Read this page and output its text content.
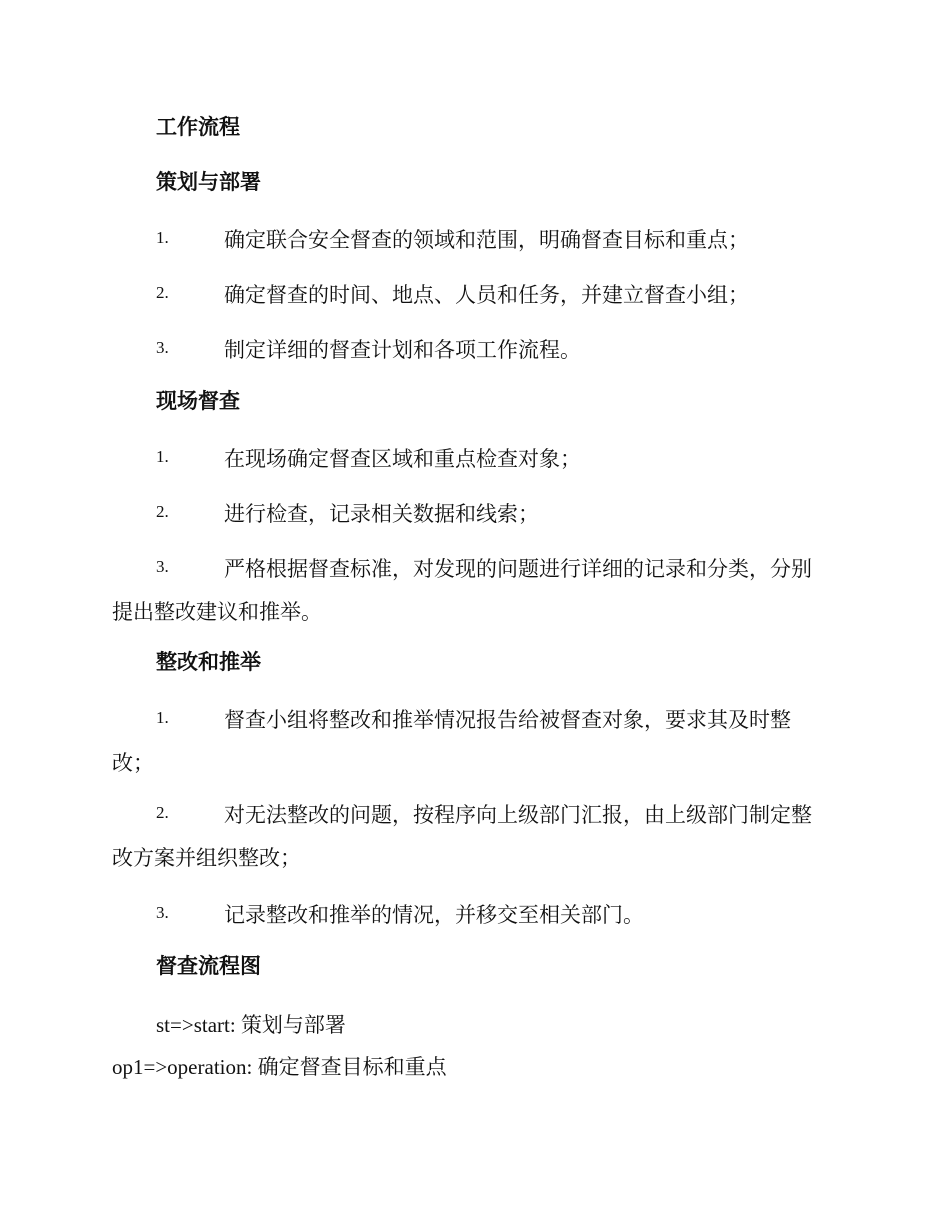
工作流程
策划与部署
1.	确定联合安全督查的领域和范围，明确督查目标和重点；
2.	确定督查的时间、地点、人员和任务，并建立督查小组；
3.	制定详细的督查计划和各项工作流程。
现场督查
1.	在现场确定督查区域和重点检查对象；
2.	进行检查，记录相关数据和线索；
3.	严格根据督查标准，对发现的问题进行详细的记录和分类，分别
提出整改建议和推举。
整改和推举
1.	督查小组将整改和推举情况报告给被督查对象，要求其及时整
改；
2.	对无法整改的问题，按程序向上级部门汇报，由上级部门制定整
改方案并组织整改；
3.	记录整改和推举的情况，并移交至相关部门。
督查流程图
st=>start: 策划与部署
op1=>operation: 确定督查目标和重点
